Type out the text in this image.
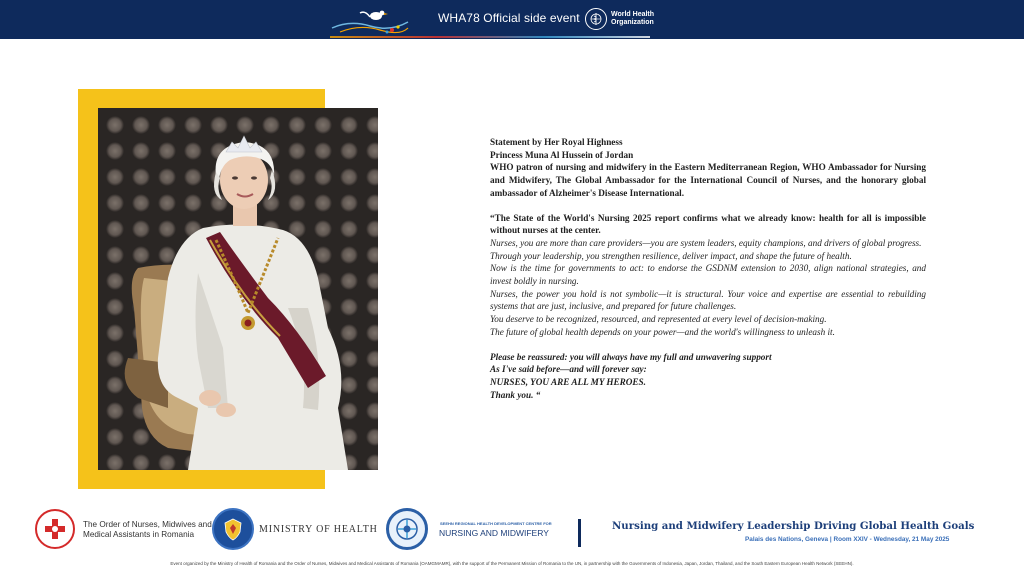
WHA78 Official side event	World Health
Organization
Statement by Her Royal Highness
Princess Muna Al Hussein of Jordan
WHO patron of nursing and midwifery in the Eastern Mediterranean Region, WHO Ambassador for Nursing and Midwifery, The Global Ambassador for the International Council of Nurses, and the honorary global ambassador of Alzheimer's Disease International.
“The State of the World's Nursing 2025 report confirms what we already know: health for all is impossible without nurses at the center.
Nurses, you are more than care providers—you are system leaders, equity champions, and drivers of global progress.
Through your leadership, you strengthen resilience, deliver impact, and shape the future of health.
Now is the time for governments to act: to endorse the GSDNM extension to 2030, align national strategies, and invest boldly in nursing.
Nurses, the power you hold is not symbolic—it is structural. Your voice and expertise are essential to rebuilding systems that are just, inclusive, and prepared for future challenges.
You deserve to be recognized, resourced, and represented at every level of decision-making.
The future of global health depends on your power—and the world's willingness to unleash it.
Please be reassured: you will always have my full and unwavering support
As I've said before—and will forever say:
NURSES, YOU ARE ALL MY HEROES.
Thank you. “
The Order of Nurses, Midwives and Medical Assistants in Romania	MINISTRY OF HEALTH
SEEHN REGIONAL HEALTH DEVELOPMENT CENTRE FOR
NURSING AND MIDWIFERY
Nursing and Midwifery Leadership Driving Global Health Goals
Palais des Nations, Geneva | Room XXIV - Wednesday, 21 May 2025
Event organized by the Ministry of Health of Romania and the Order of Nurses, Midwives and Medical Assistants of Romania (OAMGMAMR), with the support of the Permanent Mission of Romania to the UN, in partnership with the Governments of Indonesia, Japan, Jordan, Thailand, and the South Eastern European Health Network (SEEHN).
